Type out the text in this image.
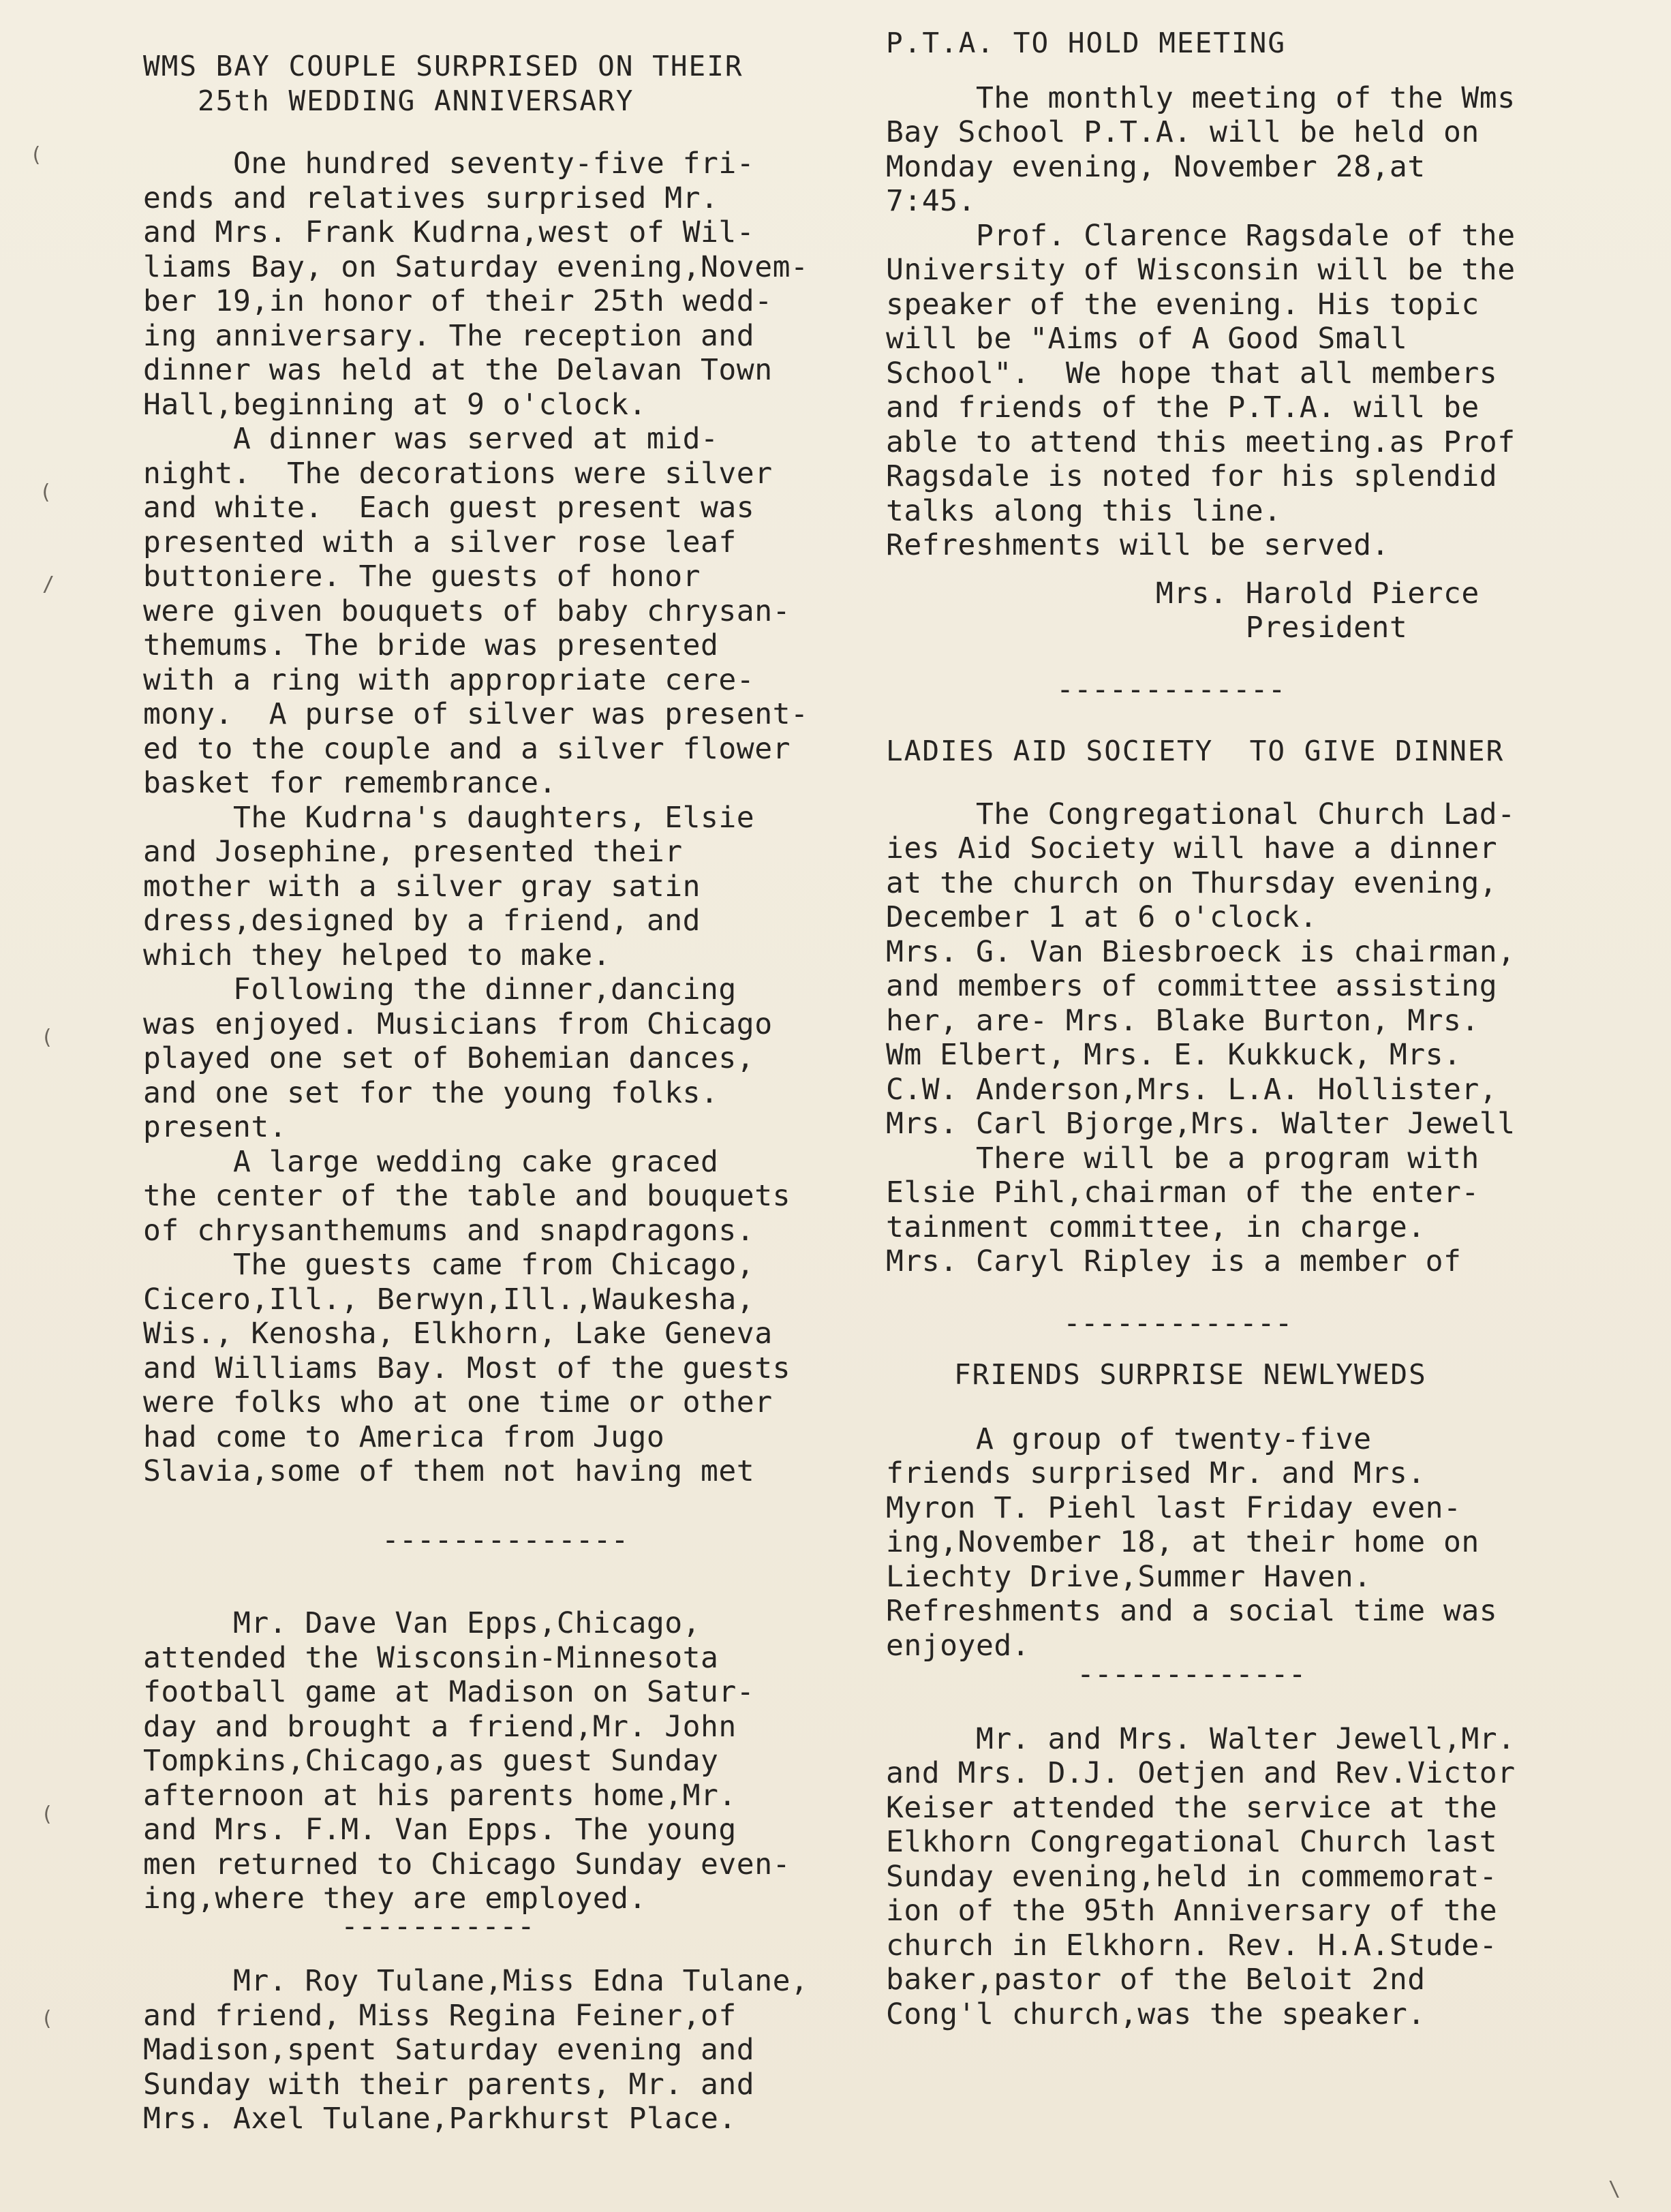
WMS BAY COUPLE SURPRISED ON THEIR
25th WEDDING ANNIVERSARY
One hundred seventy-five fri-
ends and relatives surprised Mr.
and Mrs. Frank Kudrna,west of Wil-
liams Bay, on Saturday evening,Novem-
ber 19,in honor of their 25th wedd-
ing anniversary. The reception and
dinner was held at the Delavan Town
Hall,beginning at 9 o'clock.
A dinner was served at mid-
night.  The decorations were silver
and white.  Each guest present was
presented with a silver rose leaf
buttoniere. The guests of honor
were given bouquets of baby chrysan-
themums. The bride was presented
with a ring with appropriate cere-
mony.  A purse of silver was present-
ed to the couple and a silver flower
basket for remembrance.
The Kudrna's daughters, Elsie
and Josephine, presented their
mother with a silver gray satin
dress,designed by a friend, and
which they helped to make.
Following the dinner,dancing
was enjoyed. Musicians from Chicago
played one set of Bohemian dances,
and one set for the young folks.
present.
A large wedding cake graced
the center of the table and bouquets
of chrysanthemums and snapdragons.
The guests came from Chicago,
Cicero,Ill., Berwyn,Ill.,Waukesha,
Wis., Kenosha, Elkhorn, Lake Geneva
and Williams Bay. Most of the guests
were folks who at one time or other
had come to America from Jugo
Slavia,some of them not having met
--------------
Mr. Dave Van Epps,Chicago,
attended the Wisconsin-Minnesota
football game at Madison on Satur-
day and brought a friend,Mr. John
Tompkins,Chicago,as guest Sunday
afternoon at his parents home,Mr.
and Mrs. F.M. Van Epps. The young
men returned to Chicago Sunday even-
ing,where they are employed.
-----------
Mr. Roy Tulane,Miss Edna Tulane,
and friend, Miss Regina Feiner,of
Madison,spent Saturday evening and
Sunday with their parents, Mr. and
Mrs. Axel Tulane,Parkhurst Place.
P.T.A. TO HOLD MEETING
The monthly meeting of the Wms
Bay School P.T.A. will be held on
Monday evening, November 28,at
7:45.
Prof. Clarence Ragsdale of the
University of Wisconsin will be the
speaker of the evening. His topic
will be "Aims of A Good Small
School".  We hope that all members
and friends of the P.T.A. will be
able to attend this meeting.as Prof
Ragsdale is noted for his splendid
talks along this line.
Refreshments will be served.
Mrs. Harold Pierce
President
-------------
LADIES AID SOCIETY  TO GIVE DINNER
The Congregational Church Lad-
ies Aid Society will have a dinner
at the church on Thursday evening,
December 1 at 6 o'clock.
Mrs. G. Van Biesbroeck is chairman,
and members of committee assisting
her, are- Mrs. Blake Burton, Mrs.
Wm Elbert, Mrs. E. Kukkuck, Mrs.
C.W. Anderson,Mrs. L.A. Hollister,
Mrs. Carl Bjorge,Mrs. Walter Jewell
There will be a program with
Elsie Pihl,chairman of the enter-
tainment committee, in charge.
Mrs. Caryl Ripley is a member of
-------------
FRIENDS SURPRISE NEWLYWEDS
A group of twenty-five
friends surprised Mr. and Mrs.
Myron T. Piehl last Friday even-
ing,November 18, at their home on
Liechty Drive,Summer Haven.
Refreshments and a social time was
enjoyed.
-------------
Mr. and Mrs. Walter Jewell,Mr.
and Mrs. D.J. Oetjen and Rev.Victor
Keiser attended the service at the
Elkhorn Congregational Church last
Sunday evening,held in commemorat-
ion of the 95th Anniversary of the
church in Elkhorn. Rev. H.A.Stude-
baker,pastor of the Beloit 2nd
Cong'l church,was the speaker.
(
(
/
(
(
(
\
